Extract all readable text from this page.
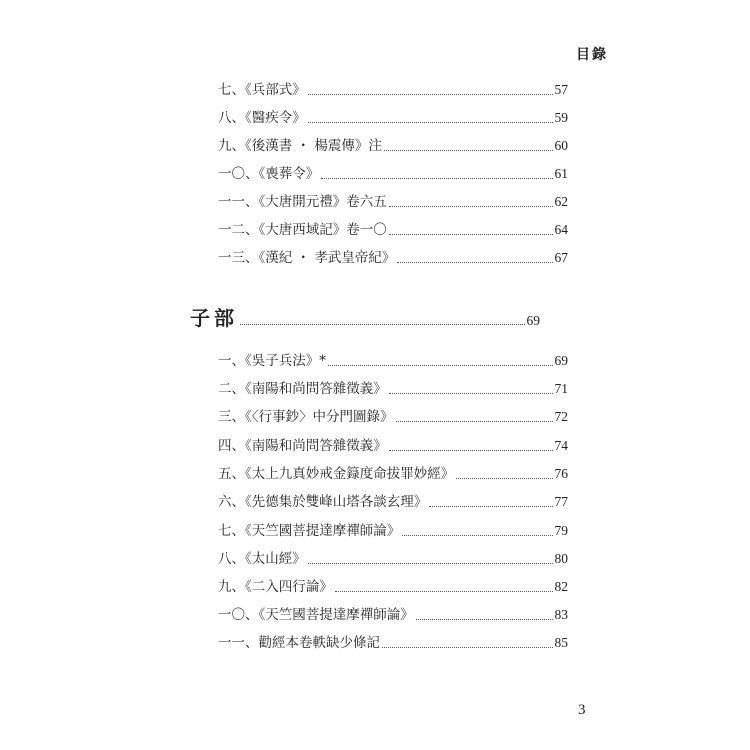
目錄
七、《兵部式》	57
八、《醫疾令》	59
九、《後漢書 ・ 楊震傳》注	60
一〇、《喪葬令》	61
一一、《大唐開元禮》卷六五	62
一二、《大唐西域記》卷一〇	64
一三、《漢紀 ・ 孝武皇帝紀》	67
子部	69
一、《吳子兵法》*	69
二、《南陽和尚問答雜徵義》	71
三、《〈行事鈔〉中分門圖錄》	72
四、《南陽和尚問答雜徵義》	74
五、《太上九真妙戒金籙度命拔罪妙經》	76
六、《先德集於雙峰山塔各談玄理》	77
七、《天竺國菩提達摩禪師論》	79
八、《太山經》	80
九、《二入四行論》	82
一〇、《天竺國菩提達摩禪師論》	83
一一、勸經本卷軼缺少條記	85
3
